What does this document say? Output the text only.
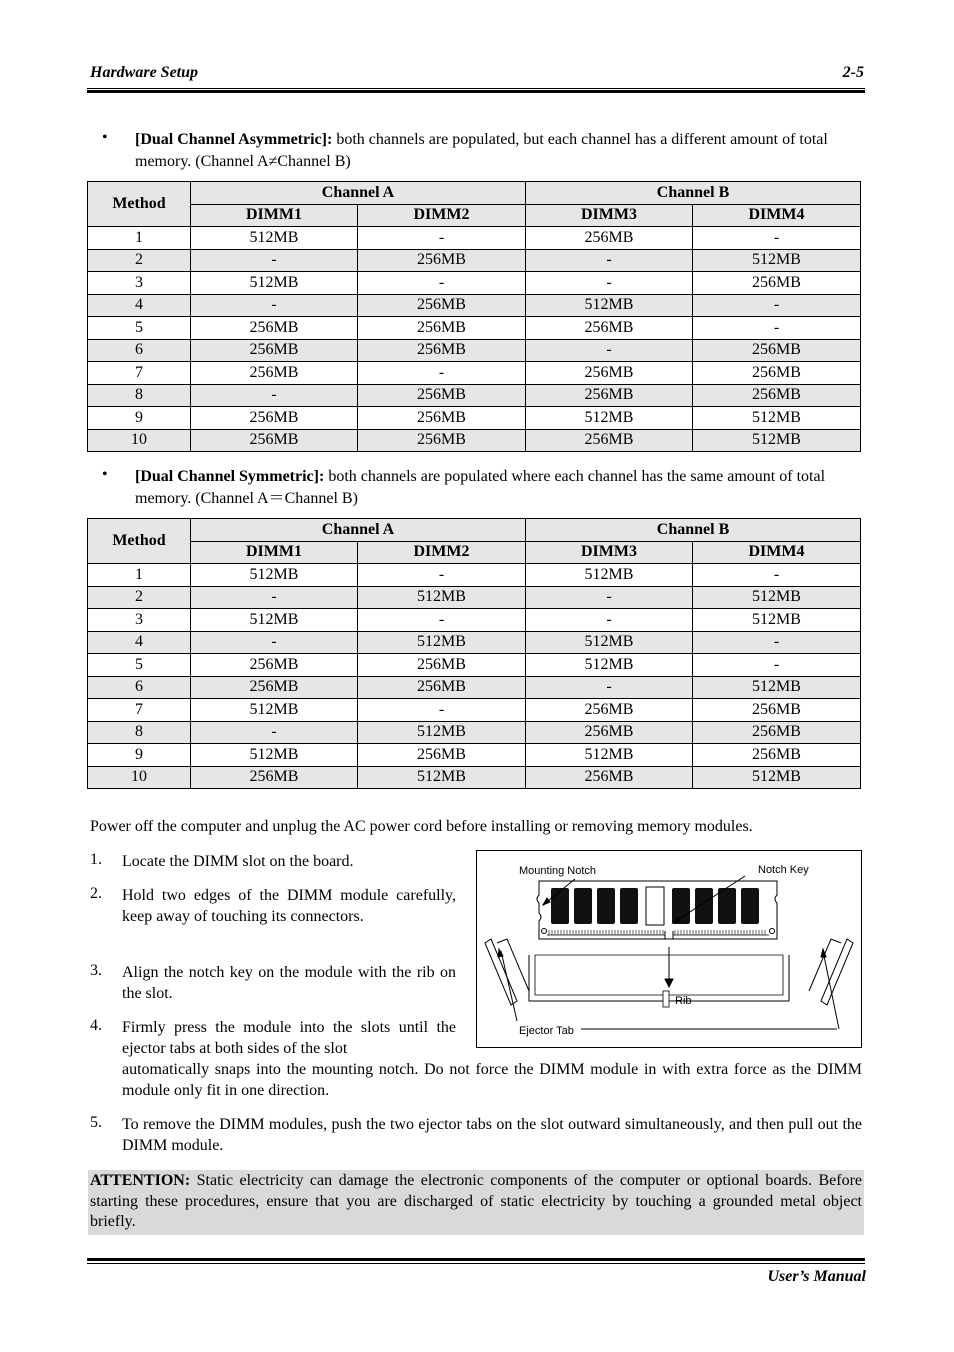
Hardware Setup	2-5
• [Dual Channel Asymmetric]: both channels are populated, but each channel has a different amount of total memory. (Channel A≠Channel B)
Method	Channel A		Channel B	
	DIMM1	DIMM2	DIMM3	DIMM4
1	512MB	-	256MB	-
2	-	256MB	-	512MB
3	512MB	-	-	256MB
4	-	256MB	512MB	-
5	256MB	256MB	256MB	-
6	256MB	256MB	-	256MB
7	256MB	-	256MB	256MB
8	-	256MB	256MB	256MB
9	256MB	256MB	512MB	512MB
10	256MB	256MB	256MB	512MB
• [Dual Channel Symmetric]: both channels are populated where each channel has the same amount of total memory. (Channel A＝Channel B)
Method	Channel A		Channel B	
	DIMM1	DIMM2	DIMM3	DIMM4
1	512MB	-	512MB	-
2	-	512MB	-	512MB
3	512MB	-	-	512MB
4	-	512MB	512MB	-
5	256MB	256MB	512MB	-
6	256MB	256MB	-	512MB
7	512MB	-	256MB	256MB
8	-	512MB	256MB	256MB
9	512MB	256MB	512MB	256MB
10	256MB	512MB	256MB	512MB
Power off the computer and unplug the AC power cord before installing or removing memory modules.
1. Locate the DIMM slot on the board.
2. Hold two edges of the DIMM module carefully, keep away of touching its connectors.
3. Align the notch key on the module with the rib on the slot.
4. Firmly press the module into the slots until the ejector tabs at both sides of the slot
automatically snaps into the mounting notch. Do not force the DIMM module in with extra force as the DIMM module only fit in one direction.
5. To remove the DIMM modules, push the two ejector tabs on the slot outward simultaneously, and then pull out the DIMM module.
Mounting Notch	Notch Key
Rib
Ejector Tab
ATTENTION: Static electricity can damage the electronic components of the computer or optional boards. Before starting these procedures, ensure that you are discharged of static electricity by touching a grounded metal object briefly.
User’s Manual
